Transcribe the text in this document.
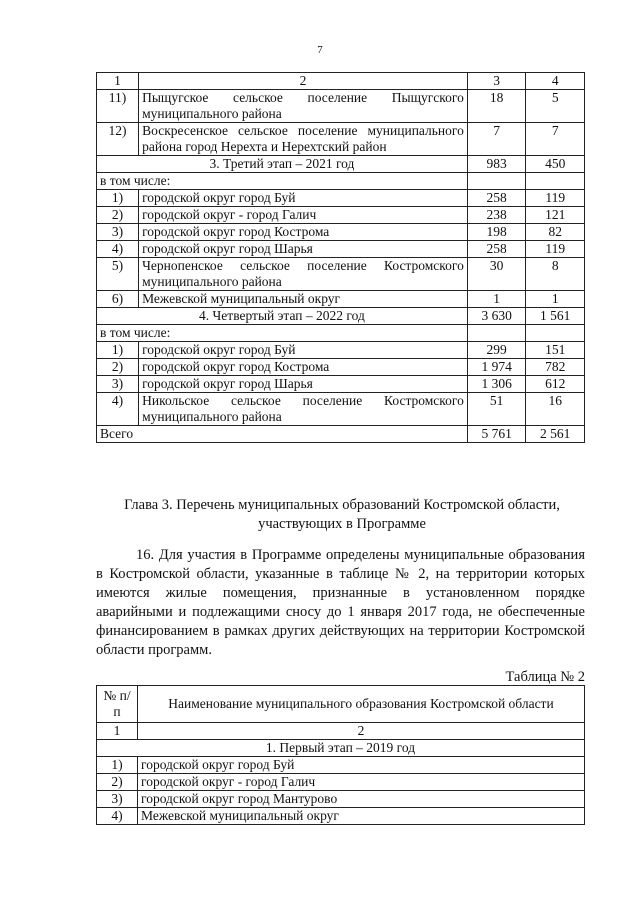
7
1	2	3	4
11)	Пыщугское сельское поселение Пыщугского муниципального района	18	5
12)	Воскресенское сельское поселение муниципального района город Нерехта и Нерехтский район	7	7
3. Третий этап – 2021 год		983	450
в том числе:			
1)	городской округ город Буй	258	119
2)	городской округ - город Галич	238	121
3)	городской округ город Кострома	198	82
4)	городской округ город Шарья	258	119
5)	Чернопенское сельское поселение Костромского муниципального района	30	8
6)	Межевской муниципальный округ	1	1
4. Четвертый этап – 2022 год		3 630	1 561
в том числе:			
1)	городской округ город Буй	299	151
2)	городской округ город Кострома	1 974	782
3)	городской округ город Шарья	1 306	612
4)	Никольское сельское поселение Костромского муниципального района	51	16
Всего		5 761	2 561
Глава 3. Перечень муниципальных образований Костромской области, участвующих в Программе
16. Для участия в Программе определены муниципальные образования в Костромской области, указанные в таблице № 2, на территории которых имеются жилые помещения, признанные в установленном порядке аварийными и подлежащими сносу до 1 января 2017 года, не обеспеченные финансированием в рамках других действующих на территории Костромской области программ.
Таблица № 2
№ п/п	Наименование муниципального образования Костромской области
1	2
1. Первый этап – 2019 год	
1)	городской округ город Буй
2)	городской округ - город Галич
3)	городской округ город Мантурово
4)	Межевской муниципальный округ
